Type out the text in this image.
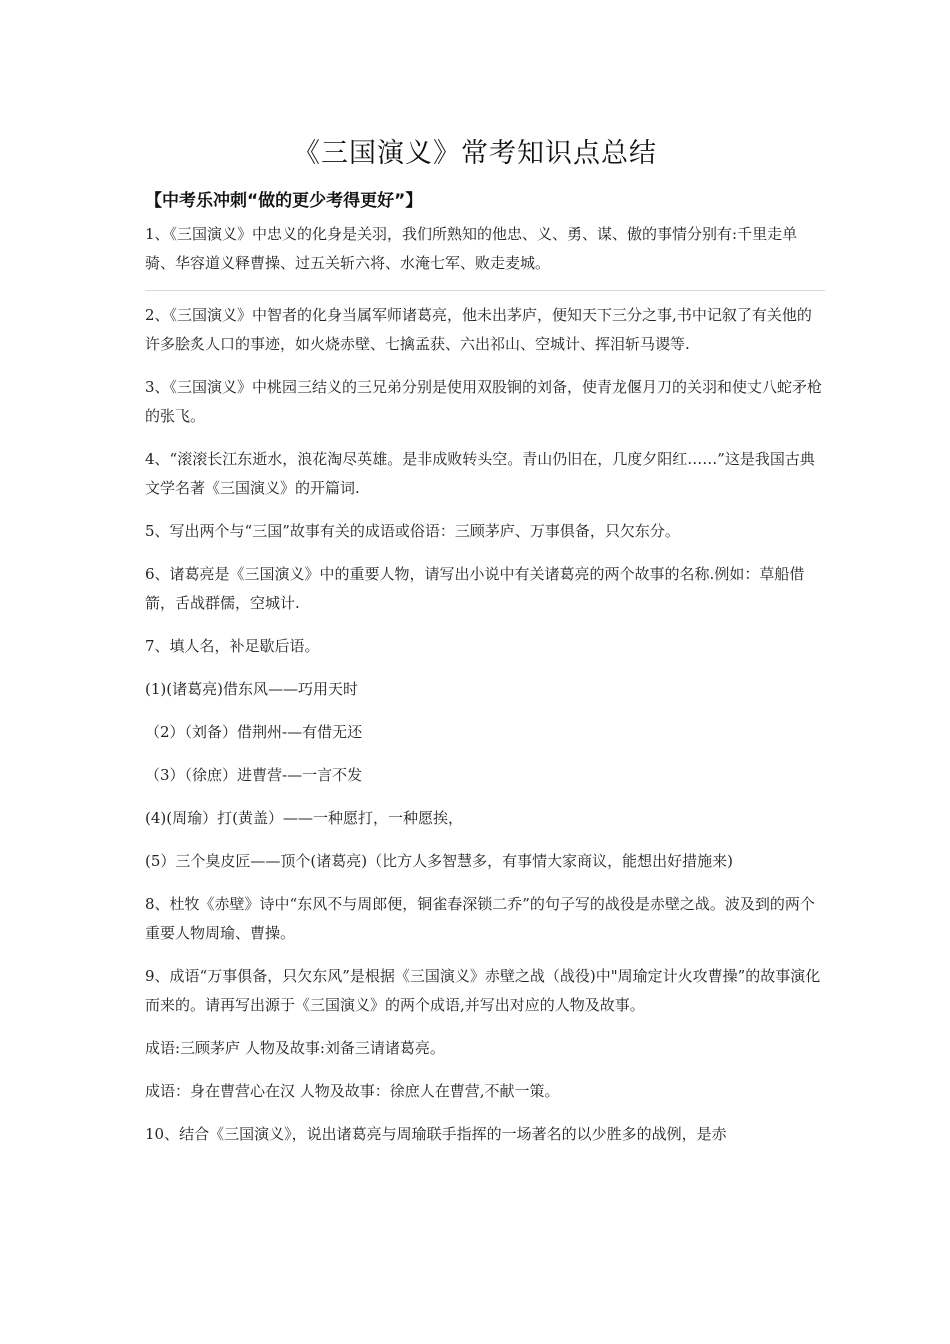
《三国演义》常考知识点总结
【中考乐冲刺“做的更少考得更好”】

1、《三国演义》中忠义的化身是关羽，我们所熟知的他忠、义、勇、谋、傲的事情分别有:千里走单骑、华容道义释曹操、过五关斩六将、水淹七军、败走麦城。

2、《三国演义》中智者的化身当属军师诸葛亮，他未出茅庐，便知天下三分之事,书中记叙了有关他的许多脍炙人口的事迹，如火烧赤壁、七擒孟获、六出祁山、空城计、挥泪斩马谡等.

3、《三国演义》中桃园三结义的三兄弟分别是使用双股锏的刘备，使青龙偃月刀的关羽和使丈八蛇矛枪的张飞。

4、“滚滚长江东逝水，浪花淘尽英雄。是非成败转头空。青山仍旧在，几度夕阳红……”这是我国古典文学名著《三国演义》的开篇词.

5、写出两个与“三国”故事有关的成语或俗语：三顾茅庐、万事俱备，只欠东分。

6、诸葛亮是《三国演义》中的重要人物，请写出小说中有关诸葛亮的两个故事的名称.例如：草船借箭，舌战群儒，空城计.

7、填人名，补足歇后语。

(1)(诸葛亮)借东风——巧用天时

（2）（刘备）借荆州-—有借无还

（3）（徐庶）进曹营-—一言不发

(4)(周瑜）打(黄盖）——一种愿打，一种愿挨，

(5）三个臭皮匠——顶个(诸葛亮)（比方人多智慧多，有事情大家商议，能想出好措施来)

8、杜牧《赤壁》诗中“东风不与周郎便，铜雀春深锁二乔”的句子写的战役是赤壁之战。波及到的两个重要人物周瑜、曹操。

9、成语“万事俱备，只欠东风”是根据《三国演义》赤壁之战（战役)中"周瑜定计火攻曹操”的故事演化而来的。请再写出源于《三国演义》的两个成语,并写出对应的人物及故事。

成语:三顾茅庐 人物及故事:刘备三请诸葛亮。

成语：身在曹营心在汉 人物及故事：徐庶人在曹营,不献一策。

10、结合《三国演义》，说出诸葛亮与周瑜联手指挥的一场著名的以少胜多的战例，是赤
